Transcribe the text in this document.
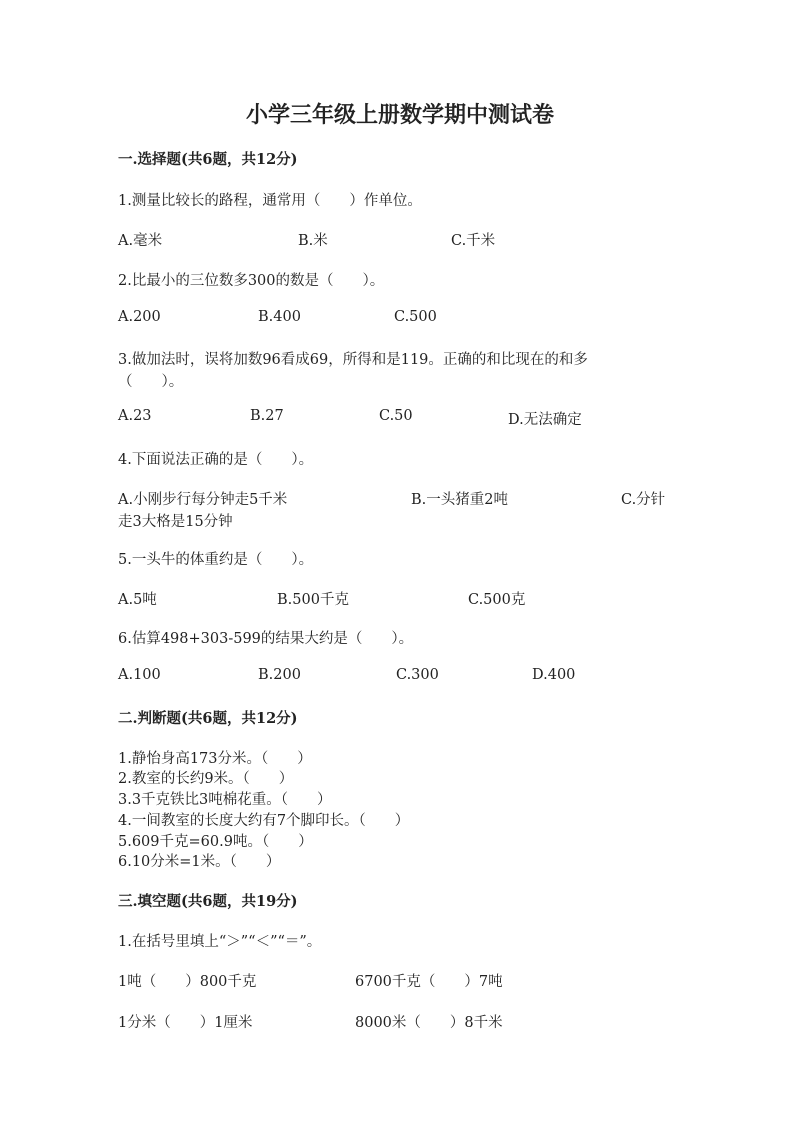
小学三年级上册数学期中测试卷
一.选择题(共6题，共12分)
1.测量比较长的路程，通常用（　　）作单位。
A.毫米	B.米	C.千米
2.比最小的三位数多300的数是（　　）。
A.200	B.400	C.500
3.做加法时，误将加数96看成69，所得和是119。正确的和比现在的和多
（　　）。
A.23	B.27	C.50	D.无法确定
4.下面说法正确的是（　　）。
A.小刚步行每分钟走5千米	B.一头猪重2吨	C.分针
走3大格是15分钟
5.一头牛的体重约是（　　）。
A.5吨	B.500千克	C.500克
6.估算498+303-599的结果大约是（　　）。
A.100	B.200	C.300	D.400
二.判断题(共6题，共12分)
1.静怡身高173分米。（　　）
2.教室的长约9米。（　　）
3.3千克铁比3吨棉花重。（　　）
4.一间教室的长度大约有7个脚印长。（　　）
5.609千克=60.9吨。（　　）
6.10分米=1米。（　　）
三.填空题(共6题，共19分)
1.在括号里填上“＞”“＜”“＝”。
1吨（　　）800千克	6700千克（　　）7吨
1分米（　　）1厘米	8000米（　　）8千米
